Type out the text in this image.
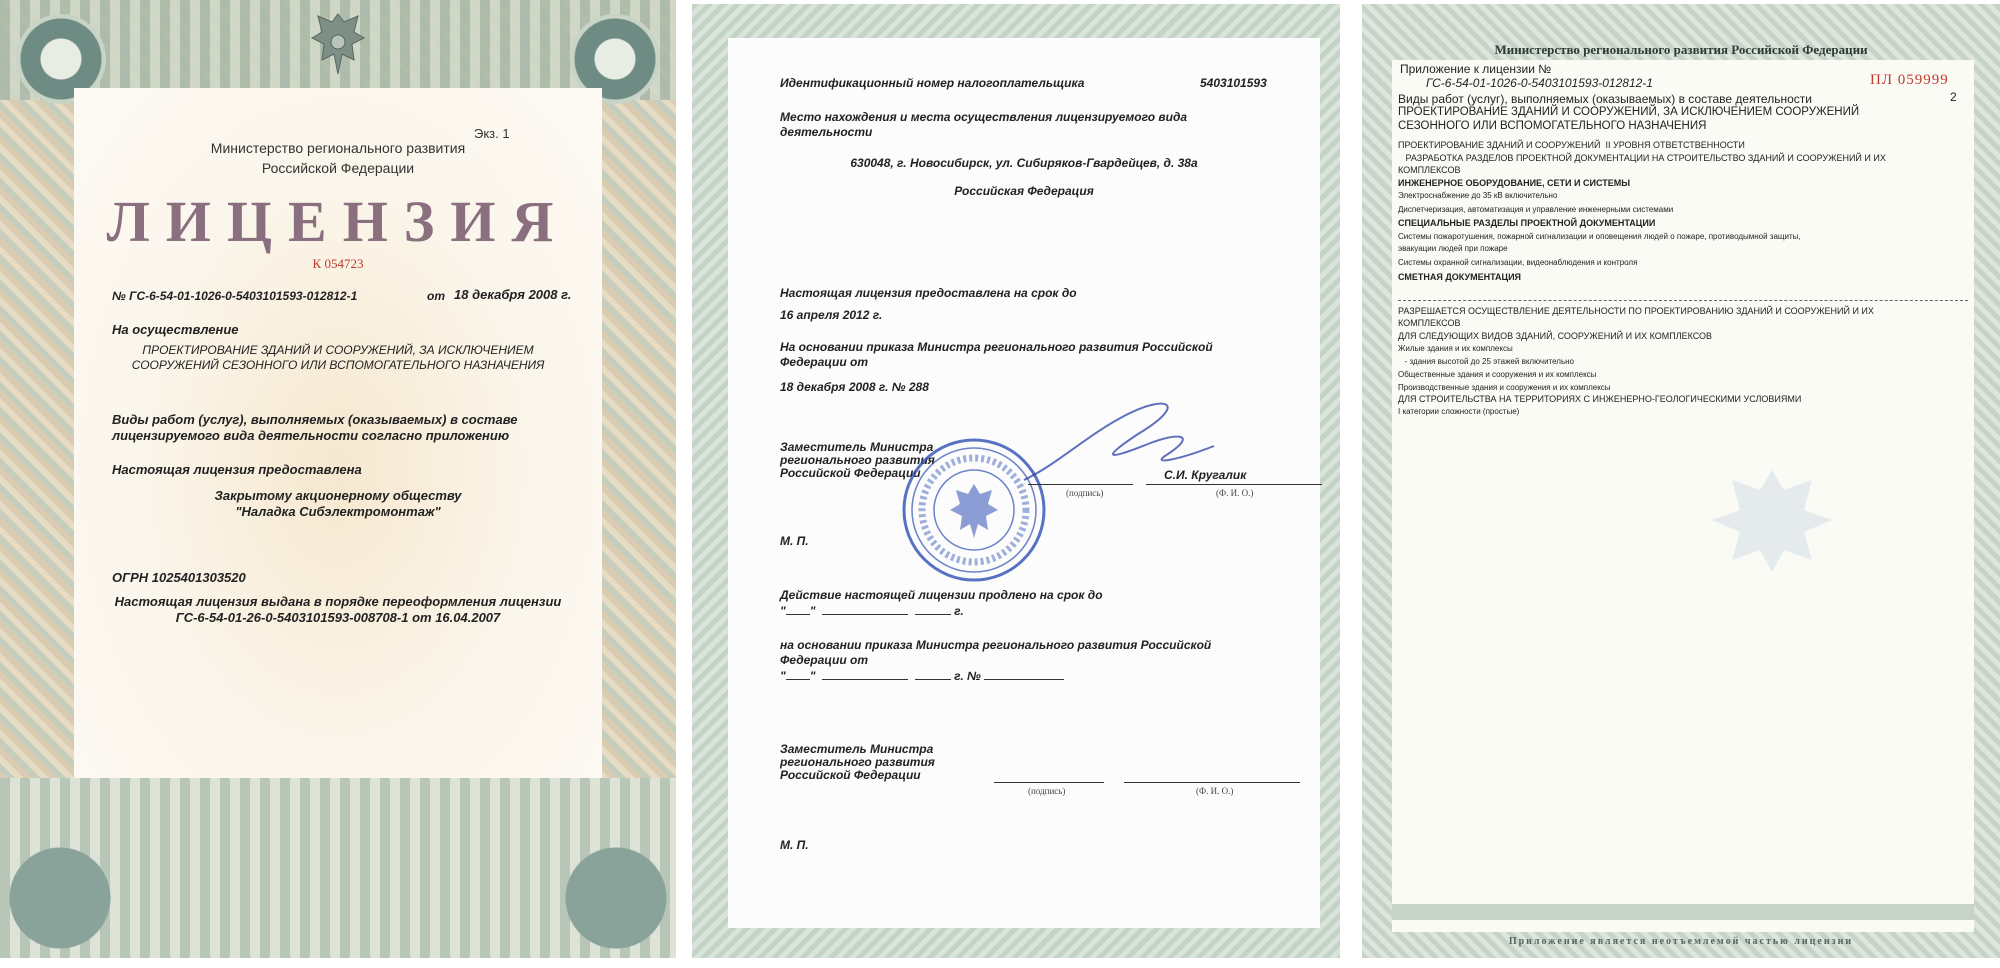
Экз. 1
Министерство регионального развития
Российской Федерации
ЛИЦЕНЗИЯ
К 054723
№ ГС-6-54-01-1026-0-5403101593-012812-1	от 18 декабря 2008 г.
На осуществление
ПРОЕКТИРОВАНИЕ ЗДАНИЙ И СООРУЖЕНИЙ, ЗА ИСКЛЮЧЕНИЕМ
СООРУЖЕНИЙ СЕЗОННОГО ИЛИ ВСПОМОГАТЕЛЬНОГО НАЗНАЧЕНИЯ
Виды работ (услуг), выполняемых (оказываемых) в составе
лицензируемого вида деятельности согласно приложению
Настоящая лицензия предоставлена
Закрытому акционерному обществу
"Наладка Сибэлектромонтаж"
ОГРН 1025401303520
Настоящая лицензия выдана в порядке переоформления лицензии
ГС-6-54-01-26-0-5403101593-008708-1 от 16.04.2007
Идентификационный номер налогоплательщика	5403101593
Место нахождения и места осуществления лицензируемого вида
деятельности
630048, г. Новосибирск, ул. Сибиряков-Гвардейцев, д. 38а
Российская Федерация
Настоящая лицензия предоставлена на срок до
16 апреля 2012 г.
На основании приказа Министра регионального развития Российской
Федерации от
18 декабря 2008 г. № 288
Заместитель Министра
регионального развития
Российской Федерации	С.И. Кругалик
(подпись)	(Ф. И. О.)
М. П.
Действие настоящей лицензии продлено на срок до
" "	г.
на основании приказа Министра регионального развития Российской
Федерации от
" "	г. №
Заместитель Министра
регионального развития
Российской Федерации
(подпись)	(Ф. И. О.)
М. П.
Министерство регионального развития Российской Федерации
Приложение к лицензии №
ГС-6-54-01-1026-0-5403101593-012812-1	ПЛ 059999
Виды работ (услуг), выполняемых (оказываемых) в составе деятельности	2
ПРОЕКТИРОВАНИЕ ЗДАНИЙ И СООРУЖЕНИЙ, ЗА ИСКЛЮЧЕНИЕМ СООРУЖЕНИЙ
СЕЗОННОГО ИЛИ ВСПОМОГАТЕЛЬНОГО НАЗНАЧЕНИЯ
ПРОЕКТИРОВАНИЕ ЗДАНИЙ И СООРУЖЕНИЙ  II УРОВНЯ ОТВЕТСТВЕННОСТИ
РАЗРАБОТКА РАЗДЕЛОВ ПРОЕКТНОЙ ДОКУМЕНТАЦИИ НА СТРОИТЕЛЬСТВО ЗДАНИЙ И СООРУЖЕНИЙ И ИХ
КОМПЛЕКСОВ
ИНЖЕНЕРНОЕ ОБОРУДОВАНИЕ, СЕТИ И СИСТЕМЫ
Электроснабжение до 35 кВ включительно
Диспетчеризация, автоматизация и управление инженерными системами
СПЕЦИАЛЬНЫЕ РАЗДЕЛЫ ПРОЕКТНОЙ ДОКУМЕНТАЦИИ
Системы пожаротушения, пожарной сигнализации и оповещения людей о пожаре, противодымной защиты,
эвакуации людей при пожаре
Системы охранной сигнализации, видеонаблюдения и контроля
СМЕТНАЯ ДОКУМЕНТАЦИЯ
РАЗРЕШАЕТСЯ ОСУЩЕСТВЛЕНИЕ ДЕЯТЕЛЬНОСТИ ПО ПРОЕКТИРОВАНИЮ ЗДАНИЙ И СООРУЖЕНИЙ И ИХ
КОМПЛЕКСОВ
ДЛЯ СЛЕДУЮЩИХ ВИДОВ ЗДАНИЙ, СООРУЖЕНИЙ И ИХ КОМПЛЕКСОВ
Жилые здания и их комплексы
- здания высотой до 25 этажей включительно
Общественные здания и сооружения и их комплексы
Производственные здания и сооружения и их комплексы
ДЛЯ СТРОИТЕЛЬСТВА НА ТЕРРИТОРИЯХ С ИНЖЕНЕРНО-ГЕОЛОГИЧЕСКИМИ УСЛОВИЯМИ
I категории сложности (простые)
Приложение является неотъемлемой частью лицензии
